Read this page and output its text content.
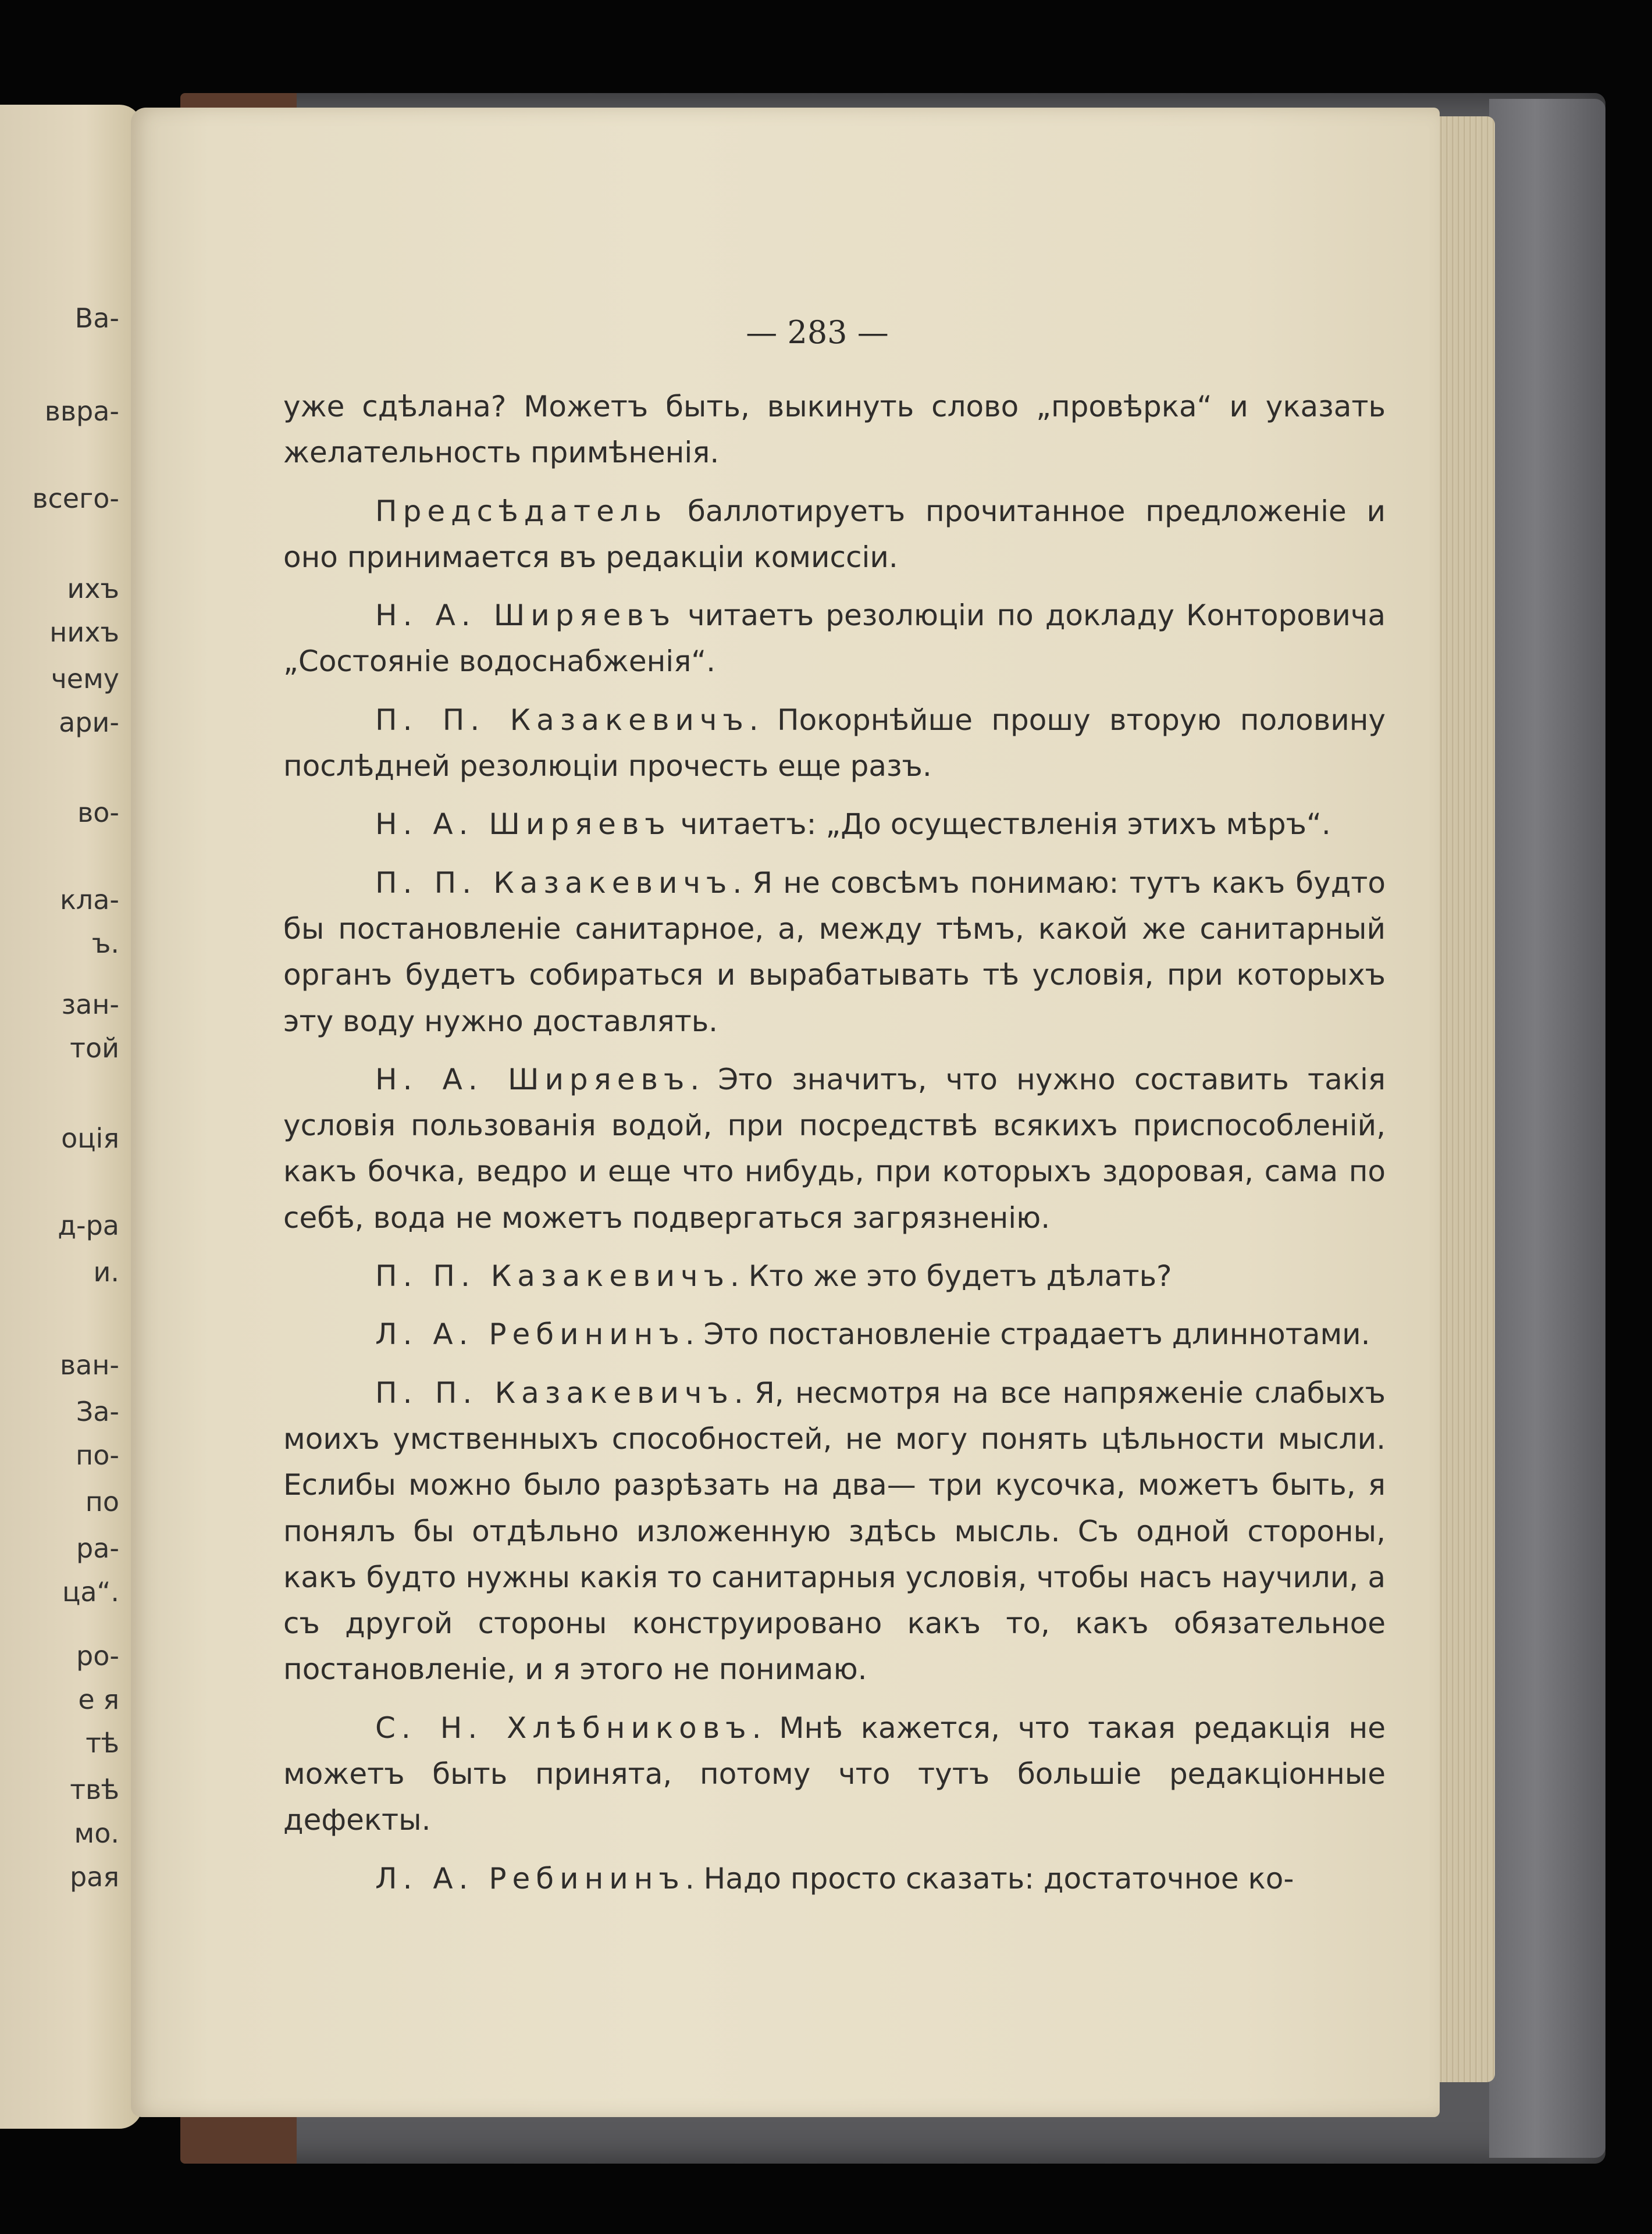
Ва-
ввра-
всего-
ихъ
нихъ
чему
ари-
во-
кла-
ъ.
зан-
той
оція
д-ра
и.
ван-
За-
по-
по
ра-
ца“.
ро-
е я
тѣ
твѣ
мо.
рая
— 283 —

уже сдѣлана? Можетъ быть, выкинуть слово „провѣрка“ и указать желательность примѣненія.

Предсѣдатель баллотируетъ прочитанное предложеніе и оно принимается въ редакціи комиссіи.

Н. А. Ширяевъ читаетъ резолюціи по докладу Конторовича „Состояніе водоснабженія“.

П. П. Казакевичъ. Покорнѣйше прошу вторую половину послѣдней резолюціи прочесть еще разъ.

Н. А. Ширяевъ читаетъ: „До осуществленія этихъ мѣръ“.

П. П. Казакевичъ. Я не совсѣмъ понимаю: тутъ какъ будто бы постановленіе санитарное, а, между тѣмъ, какой же санитарный органъ будетъ собираться и вырабатывать тѣ условія, при которыхъ эту воду нужно доставлять.

Н. А. Ширяевъ. Это значитъ, что нужно составить такія условія пользованія водой, при посредствѣ всякихъ приспособленій, какъ бочка, ведро и еще что нибудь, при которыхъ здоровая, сама по себѣ, вода не можетъ подвергаться загрязненію.

П. П. Казакевичъ. Кто же это будетъ дѣлать?

Л. А. Ребининъ. Это постановленіе страдаетъ длиннотами.

П. П. Казакевичъ. Я, несмотря на все напряженіе слабыхъ моихъ умственныхъ способностей, не могу понять цѣльности мысли. Еслибы можно было разрѣзать на два— три кусочка, можетъ быть, я понялъ бы отдѣльно изложенную здѣсь мысль. Съ одной стороны, какъ будто нужны какія то санитарныя условія, чтобы насъ научили, а съ другой стороны конструировано какъ то, какъ обязательное постановленіе, и я этого не понимаю.

С. Н. Хлѣбниковъ. Мнѣ кажется, что такая редакція не можетъ быть принята, потому что тутъ большіе редакціонные дефекты.

Л. А. Ребининъ. Надо просто сказать: достаточное ко-
